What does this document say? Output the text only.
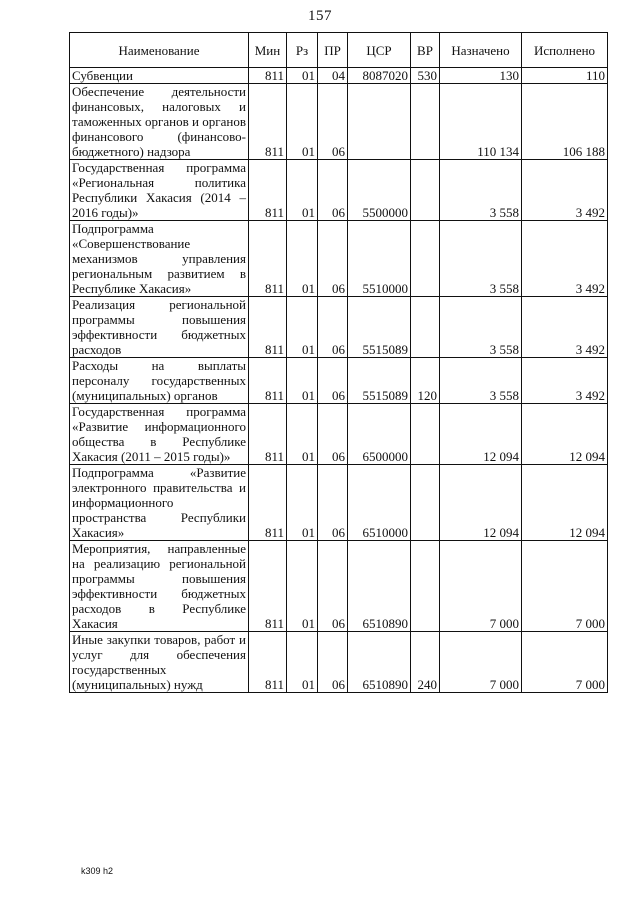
157
Наименование	Мин	Рз	ПР	ЦСР	ВР	Назначено	Исполнено
Субвенции	811	01	04	8087020	530	130	110
Обеспечение деятельности финансовых, налоговых и таможенных органов и органов финансового (финансово-бюджетного) надзора	811	01	06			110 134	106 188
Государственная программа «Региональная политика Республики Хакасия (2014 – 2016 годы)»	811	01	06	5500000		3 558	3 492
Подпрограмма «Совершенствование механизмов управления региональным развитием в Республике Хакасия»	811	01	06	5510000		3 558	3 492
Реализация региональной программы повышения эффективности бюджетных расходов	811	01	06	5515089		3 558	3 492
Расходы на выплаты персоналу государственных (муниципальных) органов	811	01	06	5515089	120	3 558	3 492
Государственная программа «Развитие информационного общества в Республике Хакасия (2011 – 2015 годы)»	811	01	06	6500000		12 094	12 094
Подпрограмма «Развитие электронного правительства и информационного пространства Республики Хакасия»	811	01	06	6510000		12 094	12 094
Мероприятия, направленные на реализацию региональной программы повышения эффективности бюджетных расходов в Республике Хакасия	811	01	06	6510890		7 000	7 000
Иные закупки товаров, работ и услуг для обеспечения государственных (муниципальных) нужд	811	01	06	6510890	240	7 000	7 000
k309 h2
